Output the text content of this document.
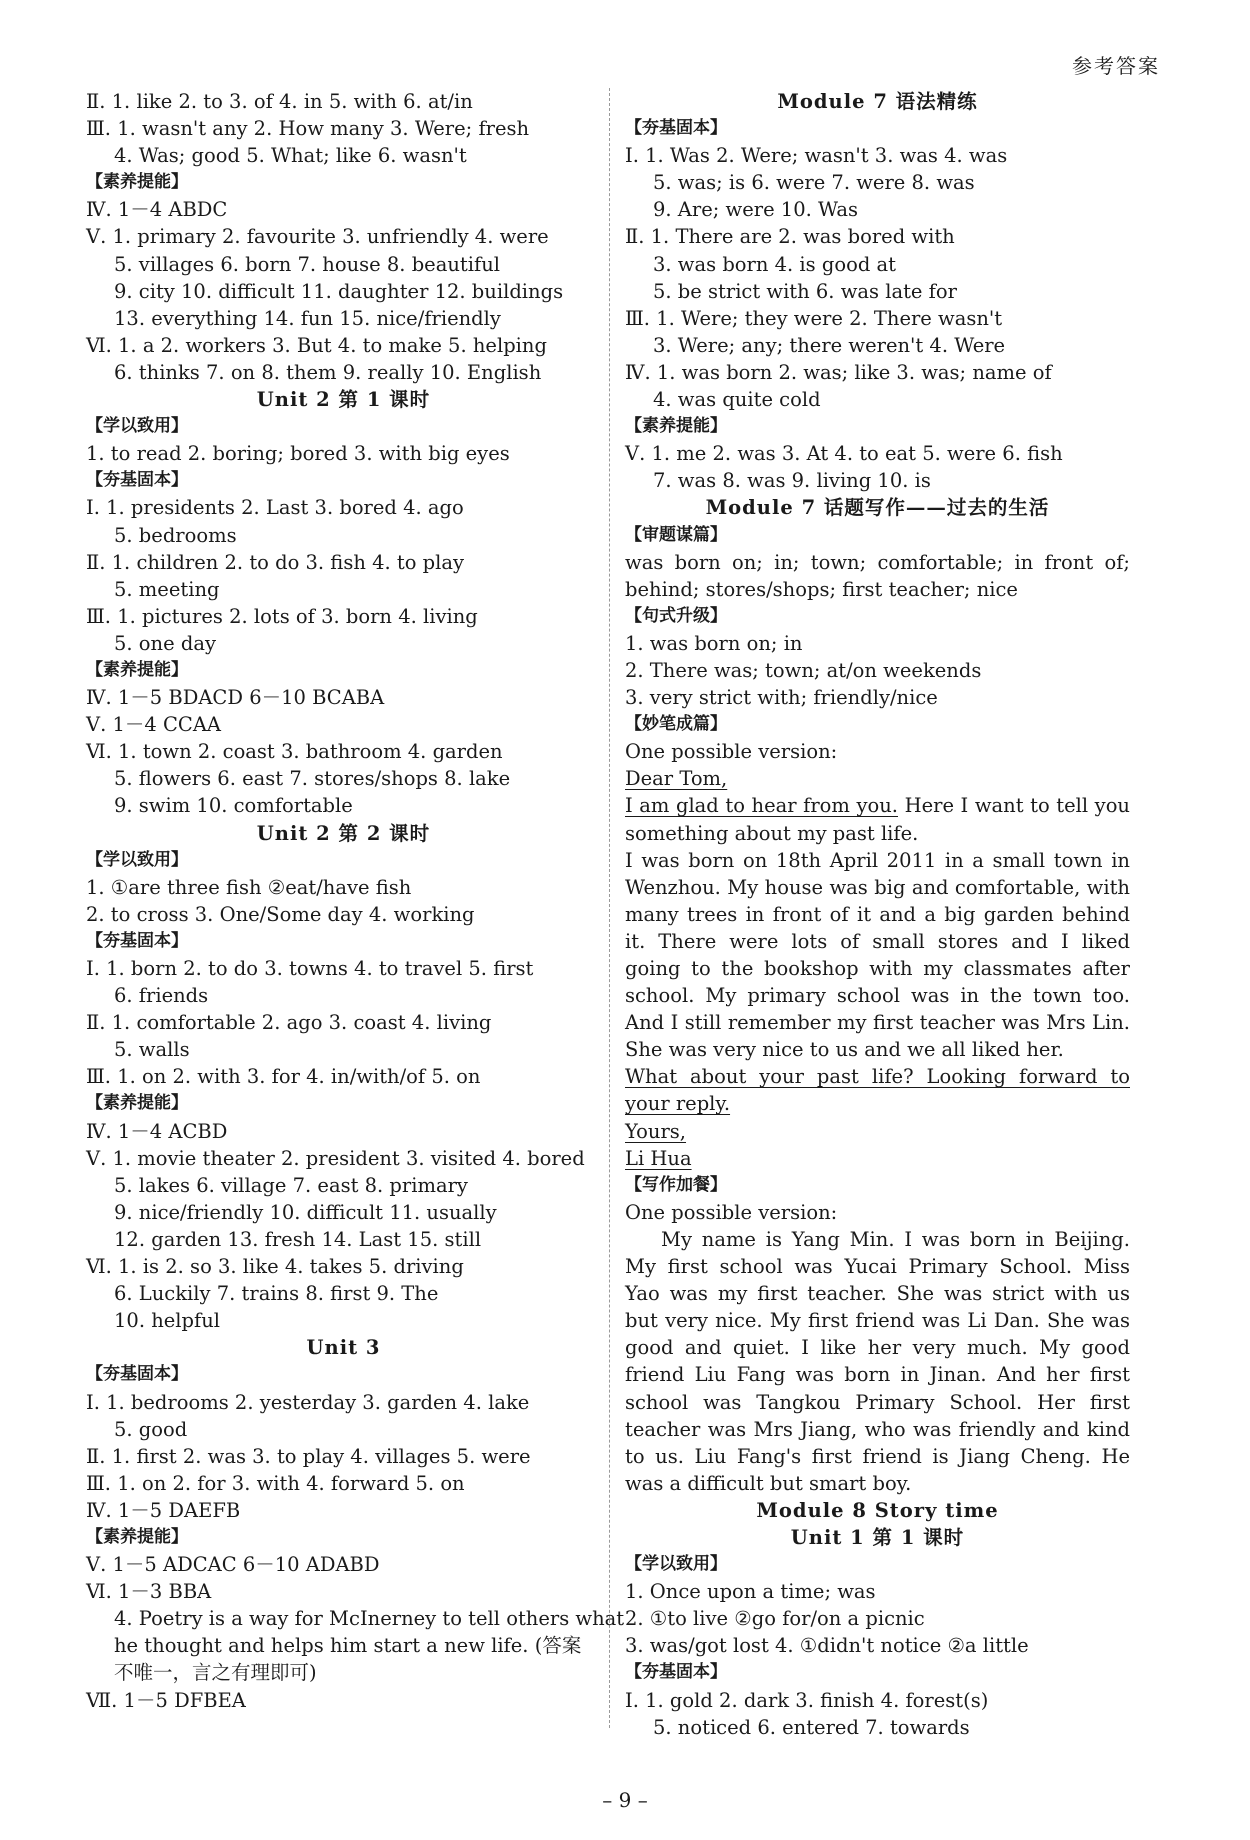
参考答案
Ⅱ. 1. like 2. to 3. of 4. in 5. with 6. at/in
Ⅲ. 1. wasn't any 2. How many 3. Were; fresh
4. Was; good 5. What; like 6. wasn't
【素养提能】
Ⅳ. 1－4 ABDC
Ⅴ. 1. primary 2. favourite 3. unfriendly 4. were
5. villages 6. born 7. house 8. beautiful
9. city 10. difficult 11. daughter 12. buildings
13. everything 14. fun 15. nice/friendly
Ⅵ. 1. a 2. workers 3. But 4. to make 5. helping
6. thinks 7. on 8. them 9. really 10. English
Unit 2 第 1 课时
【学以致用】
1. to read 2. boring; bored 3. with big eyes
【夯基固本】
Ⅰ. 1. presidents 2. Last 3. bored 4. ago
5. bedrooms
Ⅱ. 1. children 2. to do 3. fish 4. to play
5. meeting
Ⅲ. 1. pictures 2. lots of 3. born 4. living
5. one day
【素养提能】
Ⅳ. 1－5 BDACD 6－10 BCABA
Ⅴ. 1－4 CCAA
Ⅵ. 1. town 2. coast 3. bathroom 4. garden
5. flowers 6. east 7. stores/shops 8. lake
9. swim 10. comfortable
Unit 2 第 2 课时
【学以致用】
1. ①are three fish ②eat/have fish
2. to cross 3. One/Some day 4. working
【夯基固本】
Ⅰ. 1. born 2. to do 3. towns 4. to travel 5. first
6. friends
Ⅱ. 1. comfortable 2. ago 3. coast 4. living
5. walls
Ⅲ. 1. on 2. with 3. for 4. in/with/of 5. on
【素养提能】
Ⅳ. 1－4 ACBD
Ⅴ. 1. movie theater 2. president 3. visited 4. bored
5. lakes 6. village 7. east 8. primary
9. nice/friendly 10. difficult 11. usually
12. garden 13. fresh 14. Last 15. still
Ⅵ. 1. is 2. so 3. like 4. takes 5. driving
6. Luckily 7. trains 8. first 9. The
10. helpful
Unit 3
【夯基固本】
Ⅰ. 1. bedrooms 2. yesterday 3. garden 4. lake
5. good
Ⅱ. 1. first 2. was 3. to play 4. villages 5. were
Ⅲ. 1. on 2. for 3. with 4. forward 5. on
Ⅳ. 1－5 DAEFB
【素养提能】
Ⅴ. 1－5 ADCAC 6－10 ADABD
Ⅵ. 1－3 BBA
4. Poetry is a way for McInerney to tell others what
he thought and helps him start a new life. (答案
不唯一，言之有理即可)
Ⅶ. 1－5 DFBEA
Module 7 语法精练
【夯基固本】
Ⅰ. 1. Was 2. Were; wasn't 3. was 4. was
5. was; is 6. were 7. were 8. was
9. Are; were 10. Was
Ⅱ. 1. There are 2. was bored with
3. was born 4. is good at
5. be strict with 6. was late for
Ⅲ. 1. Were; they were 2. There wasn't
3. Were; any; there weren't 4. Were
Ⅳ. 1. was born 2. was; like 3. was; name of
4. was quite cold
【素养提能】
Ⅴ. 1. me 2. was 3. At 4. to eat 5. were 6. fish
7. was 8. was 9. living 10. is
Module 7 话题写作——过去的生活
【审题谋篇】
was born on; in; town; comfortable; in front of; behind; stores/shops; first teacher; nice
【句式升级】
1. was born on; in
2. There was; town; at/on weekends
3. very strict with; friendly/nice
【妙笔成篇】
One possible version:
Dear Tom,
I am glad to hear from you. Here I want to tell you something about my past life.
I was born on 18th April 2011 in a small town in Wenzhou. My house was big and comfortable, with many trees in front of it and a big garden behind it. There were lots of small stores and I liked going to the bookshop with my classmates after school. My primary school was in the town too. And I still remember my first teacher was Mrs Lin. She was very nice to us and we all liked her.
What about your past life? Looking forward to your reply.
Yours,
Li Hua
【写作加餐】
One possible version:
My name is Yang Min. I was born in Beijing. My first school was Yucai Primary School. Miss Yao was my first teacher. She was strict with us but very nice. My first friend was Li Dan. She was good and quiet. I like her very much. My good friend Liu Fang was born in Jinan. And her first school was Tangkou Primary School. Her first teacher was Mrs Jiang, who was friendly and kind to us. Liu Fang's first friend is Jiang Cheng. He was a difficult but smart boy.
Module 8 Story time
Unit 1 第 1 课时
【学以致用】
1. Once upon a time; was
2. ①to live ②go for/on a picnic
3. was/got lost 4. ①didn't notice ②a little
【夯基固本】
Ⅰ. 1. gold 2. dark 3. finish 4. forest(s)
5. noticed 6. entered 7. towards
– 9 –
